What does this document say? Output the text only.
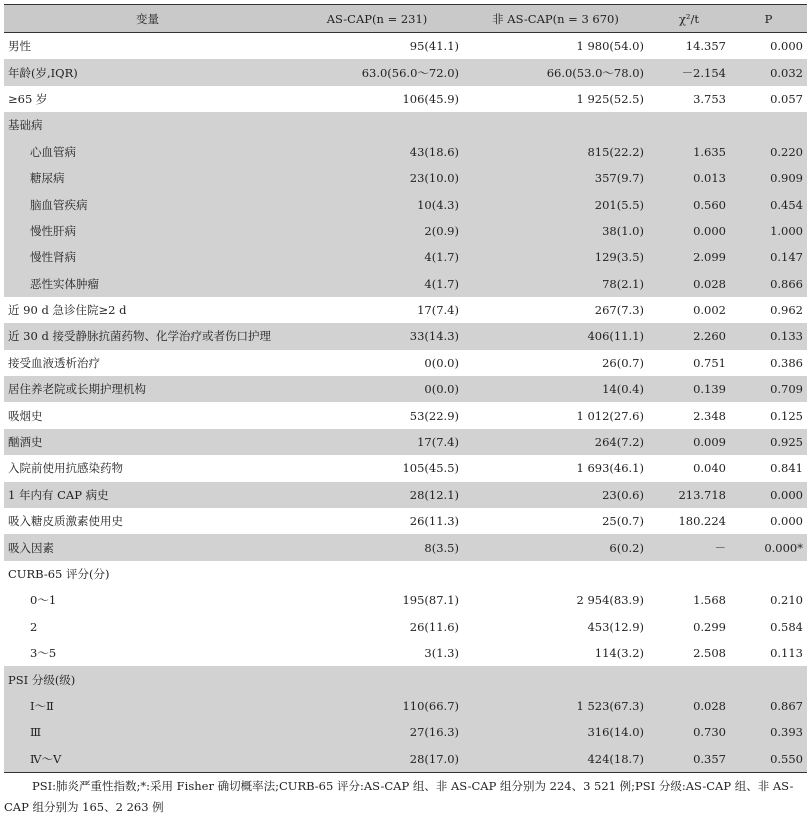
变量	AS-CAP(n = 231)	非 AS-CAP(n = 3 670)	χ²/t	P
男性	95(41.1)	1 980(54.0)	14.357	0.000
年龄(岁,IQR)	63.0(56.0～72.0)	66.0(53.0～78.0)	－2.154	0.032
≥65 岁	106(45.9)	1 925(52.5)	3.753	0.057
基础病				
心血管病	43(18.6)	815(22.2)	1.635	0.220
糖尿病	23(10.0)	357(9.7)	0.013	0.909
脑血管疾病	10(4.3)	201(5.5)	0.560	0.454
慢性肝病	2(0.9)	38(1.0)	0.000	1.000
慢性肾病	4(1.7)	129(3.5)	2.099	0.147
恶性实体肿瘤	4(1.7)	78(2.1)	0.028	0.866
近 90 d 急诊住院≥2 d	17(7.4)	267(7.3)	0.002	0.962
近 30 d 接受静脉抗菌药物、化学治疗或者伤口护理	33(14.3)	406(11.1)	2.260	0.133
接受血液透析治疗	0(0.0)	26(0.7)	0.751	0.386
居住养老院或长期护理机构	0(0.0)	14(0.4)	0.139	0.709
吸烟史	53(22.9)	1 012(27.6)	2.348	0.125
酗酒史	17(7.4)	264(7.2)	0.009	0.925
入院前使用抗感染药物	105(45.5)	1 693(46.1)	0.040	0.841
1 年内有 CAP 病史	28(12.1)	23(0.6)	213.718	0.000
吸入糖皮质激素使用史	26(11.3)	25(0.7)	180.224	0.000
吸入因素	8(3.5)	6(0.2)	－	0.000*
CURB-65 评分(分)				
0～1	195(87.1)	2 954(83.9)	1.568	0.210
2	26(11.6)	453(12.9)	0.299	0.584
3～5	3(1.3)	114(3.2)	2.508	0.113
PSI 分级(级)				
Ⅰ～Ⅱ	110(66.7)	1 523(67.3)	0.028	0.867
Ⅲ	27(16.3)	316(14.0)	0.730	0.393
Ⅳ～Ⅴ	28(17.0)	424(18.7)	0.357	0.550

PSI:肺炎严重性指数;*:采用 Fisher 确切概率法;CURB-65 评分:AS-CAP 组、非 AS-CAP 组分别为 224、3 521 例;PSI 分级:AS-CAP 组、非 AS-CAP 组分别为 165、2 263 例
